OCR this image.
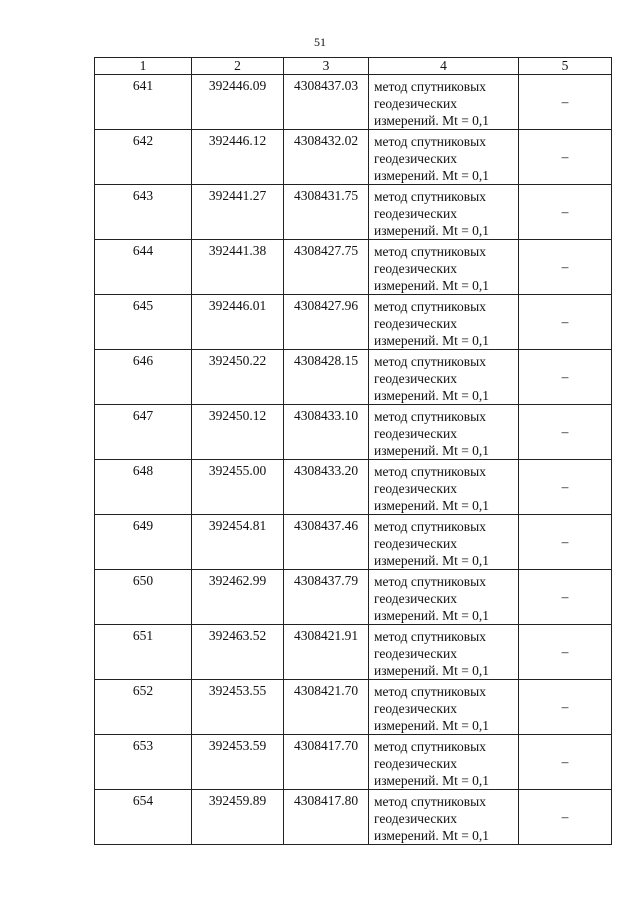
51
1	2	3	4	5
641	392446.09	4308437.03	метод спутниковых
геодезических
измерений. Mt = 0,1	–
642	392446.12	4308432.02	метод спутниковых
геодезических
измерений. Mt = 0,1	–
643	392441.27	4308431.75	метод спутниковых
геодезических
измерений. Mt = 0,1	–
644	392441.38	4308427.75	метод спутниковых
геодезических
измерений. Mt = 0,1	–
645	392446.01	4308427.96	метод спутниковых
геодезических
измерений. Mt = 0,1	–
646	392450.22	4308428.15	метод спутниковых
геодезических
измерений. Mt = 0,1	–
647	392450.12	4308433.10	метод спутниковых
геодезических
измерений. Mt = 0,1	–
648	392455.00	4308433.20	метод спутниковых
геодезических
измерений. Mt = 0,1	–
649	392454.81	4308437.46	метод спутниковых
геодезических
измерений. Mt = 0,1	–
650	392462.99	4308437.79	метод спутниковых
геодезических
измерений. Mt = 0,1	–
651	392463.52	4308421.91	метод спутниковых
геодезических
измерений. Mt = 0,1	–
652	392453.55	4308421.70	метод спутниковых
геодезических
измерений. Mt = 0,1	–
653	392453.59	4308417.70	метод спутниковых
геодезических
измерений. Mt = 0,1	–
654	392459.89	4308417.80	метод спутниковых
геодезических
измерений. Mt = 0,1	–
